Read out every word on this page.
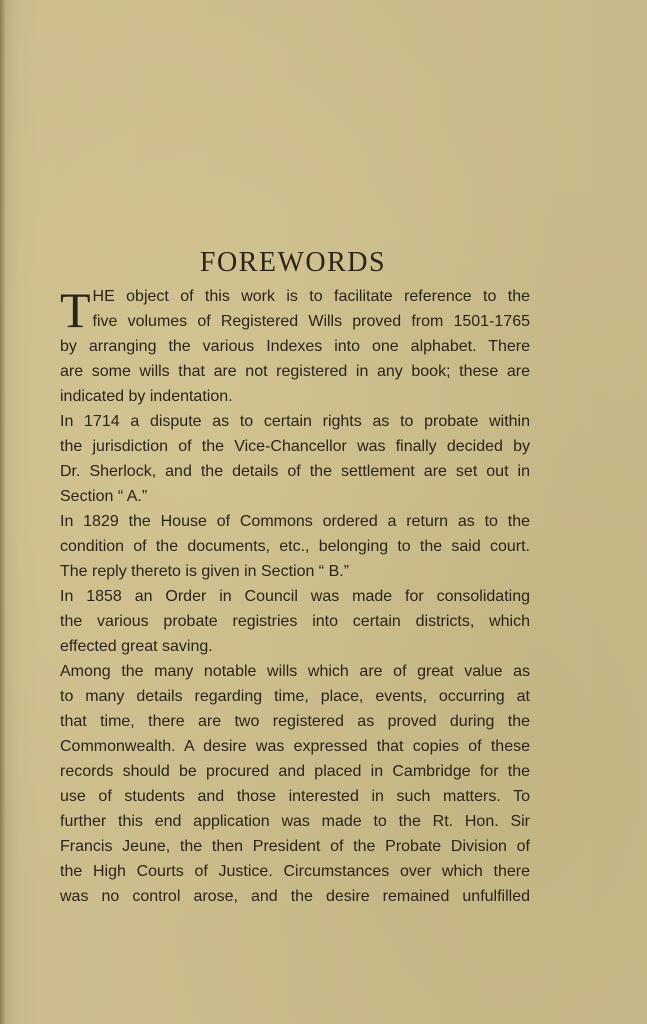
FOREWORDS
T HE object of this work is to facilitate reference to the
five volumes of Registered Wills proved from 1501-1765
by arranging the various Indexes into one alphabet. There
are some wills that are not registered in any book; these are
indicated by indentation.
In 1714 a dispute as to certain rights as to probate within
the jurisdiction of the Vice-Chancellor was finally decided by
Dr. Sherlock, and the details of the settlement are set out in
Section “ A.”
In 1829 the House of Commons ordered a return as to the
condition of the documents, etc., belonging to the said court.
The reply thereto is given in Section “ B.”
In 1858 an Order in Council was made for consolidating
the various probate registries into certain districts, which
effected great saving.
Among the many notable wills which are of great value as
to many details regarding time, place, events, occurring at
that time, there are two registered as proved during the
Commonwealth. A desire was expressed that copies of these
records should be procured and placed in Cambridge for the
use of students and those interested in such matters. To
further this end application was made to the Rt. Hon. Sir
Francis Jeune, the then President of the Probate Division of
the High Courts of Justice. Circumstances over which there
was no control arose, and the desire remained unfulfilled
